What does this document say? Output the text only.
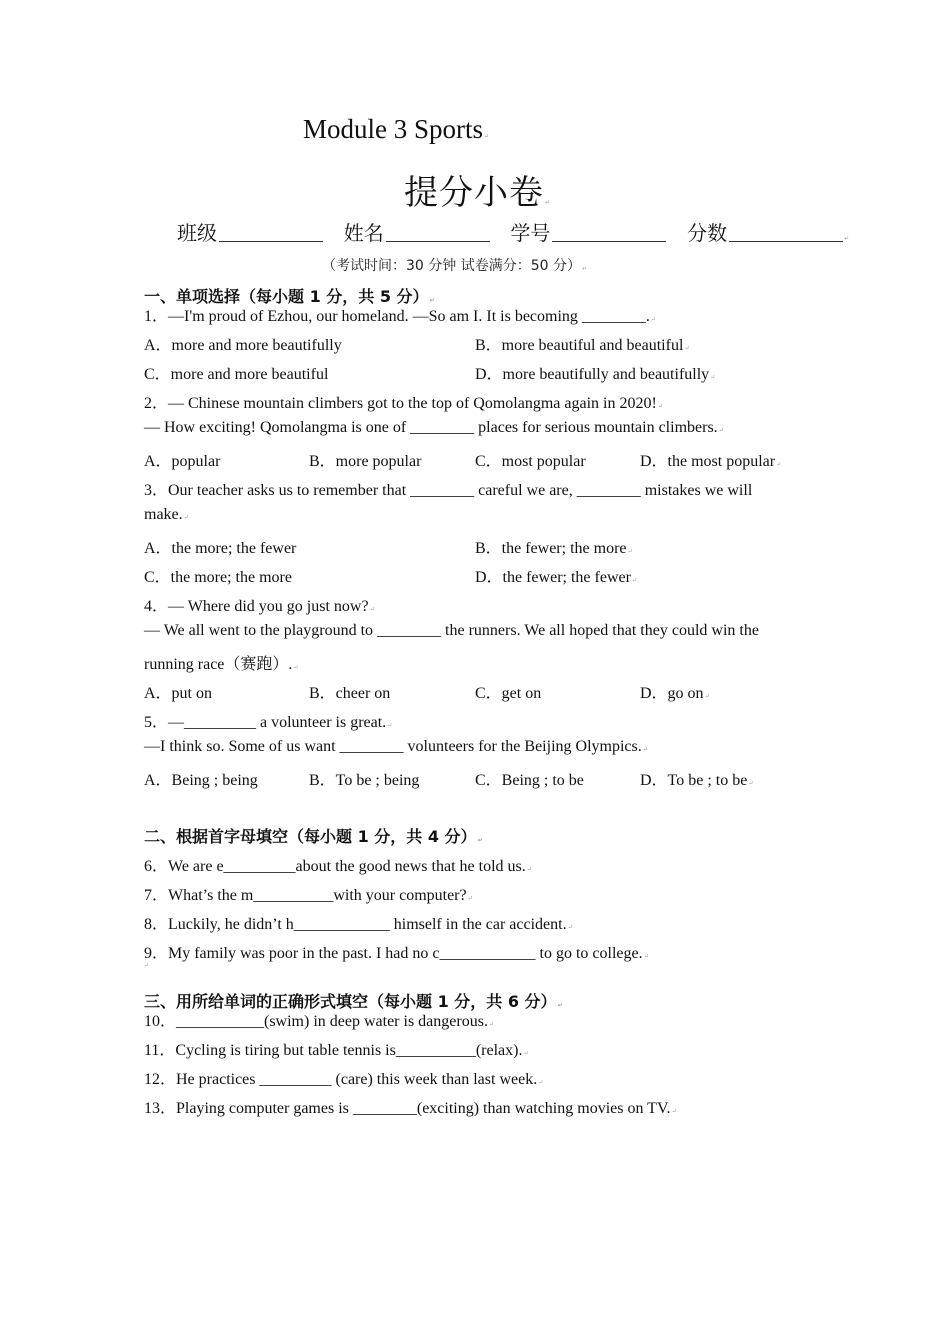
Module 3 Sports↵
提分小卷↵
班级	姓名	学号	分数	↵
（考试时间：30 分钟 试卷满分：50 分）↵
一、单项选择（每小题 1 分，共 5 分）↵
1．—I'm proud of Ezhou, our homeland. —So am I. It is becoming ________.↵
A．more and more beautifully	B．more beautiful and beautiful↵
C．more and more beautiful	D．more beautifully and beautifully↵
2．— Chinese mountain climbers got to the top of Qomolangma again in 2020!↵
— How exciting! Qomolangma is one of ________ places for serious mountain climbers.↵
A．popular	B．more popular	C．most popular	D．the most popular↵
3．Our teacher asks us to remember that ________ careful we are, ________ mistakes we will
make.↵
A．the more; the fewer	B．the fewer; the more↵
C．the more; the more	D．the fewer; the fewer↵
4．— Where did you go just now?↵
— We all went to the playground to ________ the runners. We all hoped that they could win the
running race（赛跑）.↵
A．put on	B．cheer on	C．get on	D．go on↵
5．—_________ a volunteer is great.↵
—I think so. Some of us want ________ volunteers for the Beijing Olympics.↵
A．Being ; being	B．To be ; being	C．Being ; to be	D．To be ; to be↵
二、根据首字母填空（每小题 1 分，共 4 分）↵
6．We are e_________about the good news that he told us.↵
7．What’s the m__________with your computer?↵
8．Luckily, he didn’t h____________ himself in the car accident.↵
9．My family was poor in the past. I had no c____________ to go to college.↵
↵
三、用所给单词的正确形式填空（每小题 1 分，共 6 分）↵
10．___________(swim) in deep water is dangerous.↵
11．Cycling is tiring but table tennis is__________(relax).↵
12．He practices _________ (care) this week than last week.↵
13．Playing computer games is ________(exciting) than watching movies on TV.↵
